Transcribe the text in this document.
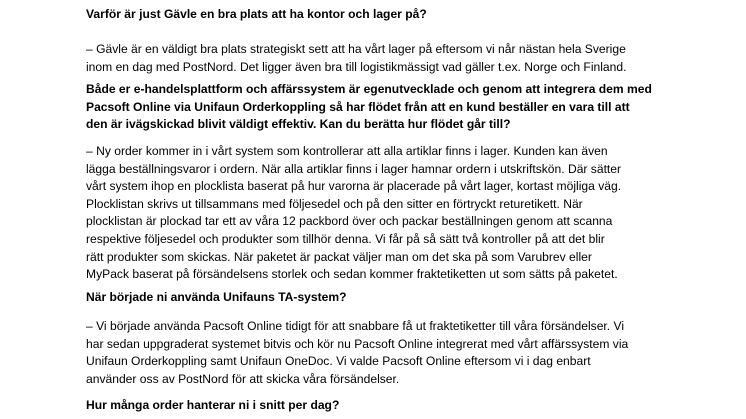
Varför är just Gävle en bra plats att ha kontor och lager på?

– Gävle är en väldigt bra plats strategiskt sett att ha vårt lager på eftersom vi når nästan hela Sverige
inom en dag med PostNord. Det ligger även bra till logistikmässigt vad gäller t.ex. Norge och Finland.

Både er e-handelsplattform och affärssystem är egenutvecklade och genom att integrera dem med
Pacsoft Online via Unifaun Orderkoppling så har flödet från att en kund beställer en vara till att
den är ivägskickad blivit väldigt effektiv. Kan du berätta hur flödet går till?

– Ny order kommer in i vårt system som kontrollerar att alla artiklar finns i lager. Kunden kan även
lägga beställningsvaror i ordern. När alla artiklar finns i lager hamnar ordern i utskriftskön. Där sätter
vårt system ihop en plocklista baserat på hur varorna är placerade på vårt lager, kortast möjliga väg.
Plocklistan skrivs ut tillsammans med följesedel och på den sitter en förtryckt returetikett. När
plocklistan är plockad tar ett av våra 12 packbord över och packar beställningen genom att scanna
respektive följesedel och produkter som tillhör denna. Vi får på så sätt två kontroller på att det blir
rätt produkter som skickas. När paketet är packat väljer man om det ska på som Varubrev eller
MyPack baserat på försändelsens storlek och sedan kommer fraktetiketten ut som sätts på paketet.

När började ni använda Unifauns TA-system?

– Vi började använda Pacsoft Online tidigt för att snabbare få ut fraktetiketter till våra försändelser. Vi
har sedan uppgraderat systemet bitvis och kör nu Pacsoft Online integrerat med vårt affärssystem via
Unifaun Orderkoppling samt Unifaun OneDoc. Vi valde Pacsoft Online eftersom vi i dag enbart
använder oss av PostNord för att skicka våra försändelser.

Hur många order hanterar ni i snitt per dag?
